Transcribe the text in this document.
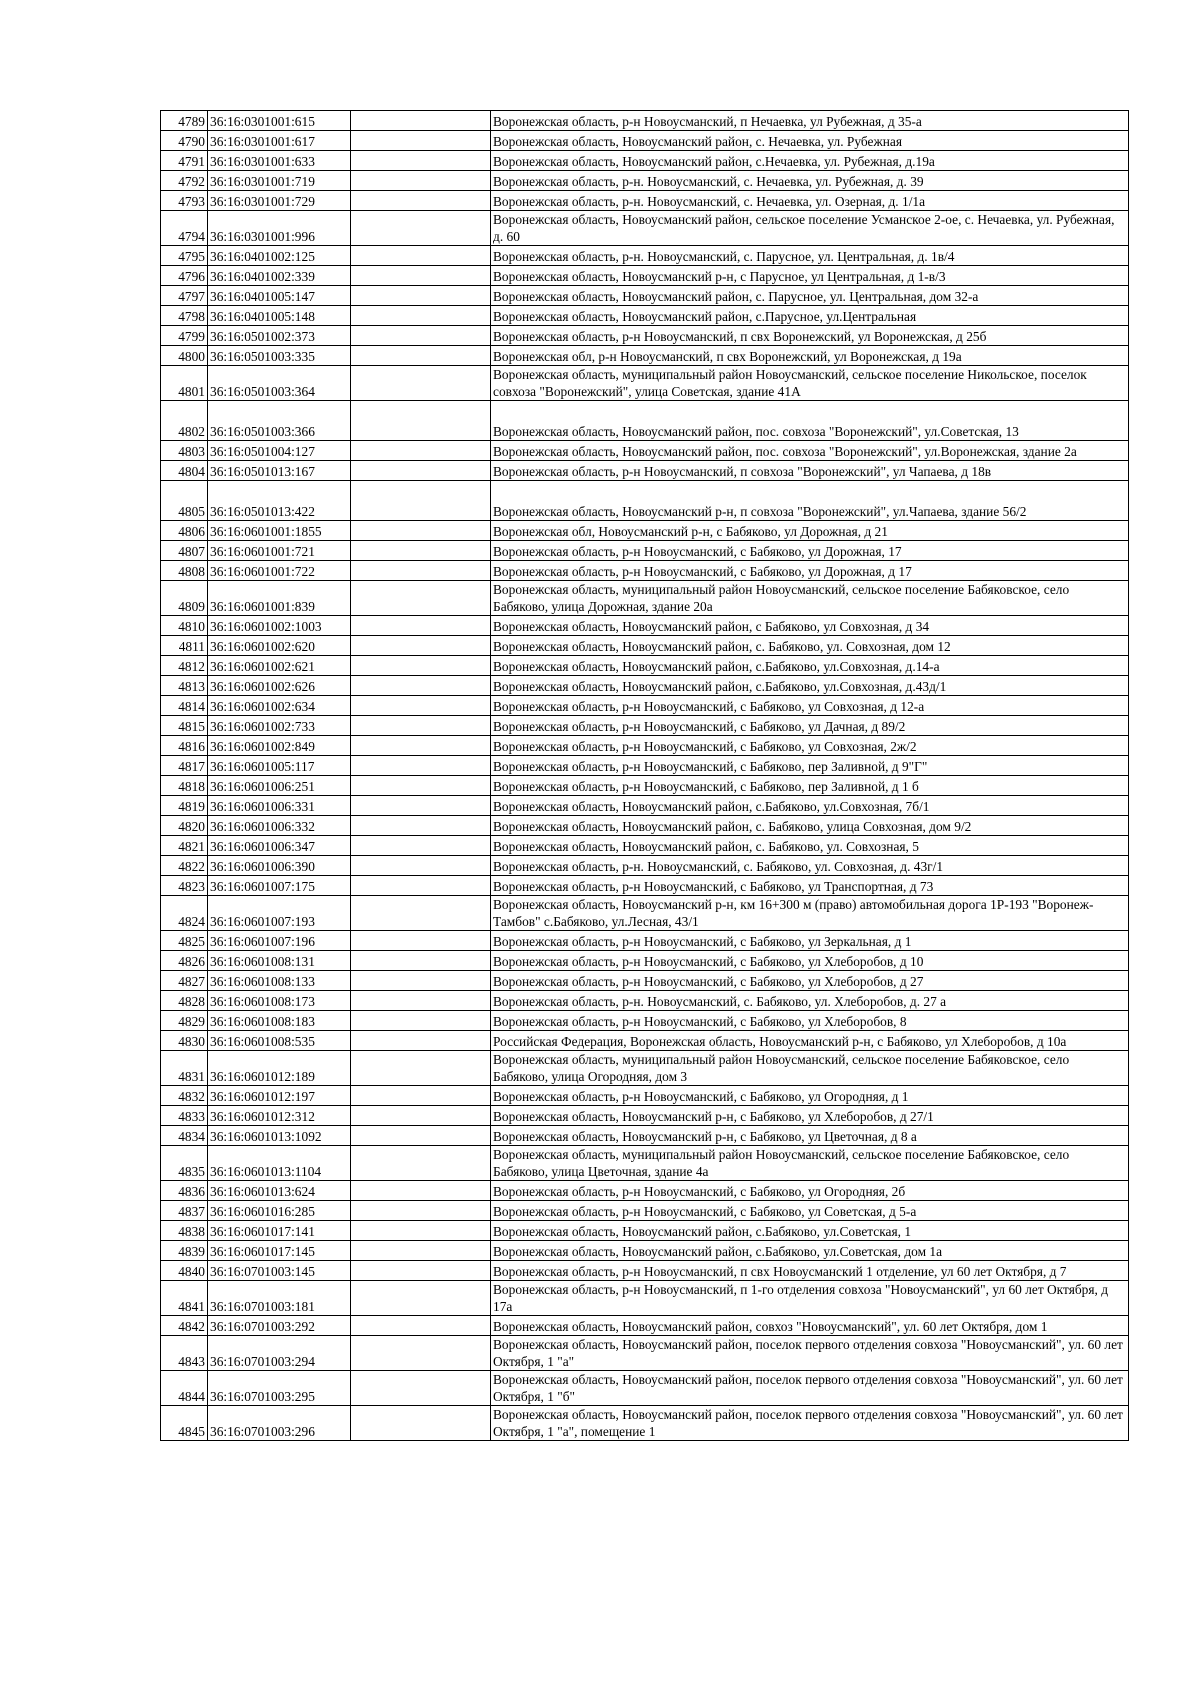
4789	36:16:0301001:615		Воронежская область, р-н Новоусманский, п Нечаевка, ул Рубежная, д 35-а
4790	36:16:0301001:617		Воронежская область, Новоусманский район, с. Нечаевка, ул. Рубежная
4791	36:16:0301001:633		Воронежская область, Новоусманский район, с.Нечаевка, ул. Рубежная, д.19а
4792	36:16:0301001:719		Воронежская область, р-н. Новоусманский, с. Нечаевка, ул. Рубежная, д. 39
4793	36:16:0301001:729		Воронежская область, р-н. Новоусманский, с. Нечаевка, ул. Озерная, д. 1/1а
4794	36:16:0301001:996		Воронежская область, Новоусманский район, сельское поселение Усманское 2-ое, с. Нечаевка, ул. Рубежная, д. 60
4795	36:16:0401002:125		Воронежская область, р-н. Новоусманский, с. Парусное, ул. Центральная, д. 1в/4
4796	36:16:0401002:339		Воронежская область, Новоусманский р-н, с Парусное, ул Центральная, д 1-в/3
4797	36:16:0401005:147		Воронежская область, Новоусманский район, с. Парусное, ул. Центральная, дом 32-а
4798	36:16:0401005:148		Воронежская область, Новоусманский район, с.Парусное, ул.Центральная
4799	36:16:0501002:373		Воронежская область, р-н Новоусманский, п свх Воронежский, ул Воронежская, д 25б
4800	36:16:0501003:335		Воронежская обл, р-н Новоусманский, п свх Воронежский, ул Воронежская, д 19а
4801	36:16:0501003:364		Воронежская область, муниципальный район Новоусманский, сельское поселение Никольское, поселок совхоза "Воронежский", улица Советская, здание 41А
4802	36:16:0501003:366		Воронежская область, Новоусманский район, пос. совхоза "Воронежский", ул.Советская, 13
4803	36:16:0501004:127		Воронежская область, Новоусманский район, пос. совхоза "Воронежский", ул.Воронежская, здание 2а
4804	36:16:0501013:167		Воронежская область, р-н Новоусманский, п совхоза "Воронежский", ул Чапаева, д 18в
4805	36:16:0501013:422		Воронежская область, Новоусманский р-н, п совхоза "Воронежский", ул.Чапаева, здание 56/2
4806	36:16:0601001:1855		Воронежская обл, Новоусманский р-н, с Бабяково, ул Дорожная, д 21
4807	36:16:0601001:721		Воронежская область, р-н Новоусманский, с Бабяково, ул Дорожная, 17
4808	36:16:0601001:722		Воронежская область, р-н Новоусманский, с Бабяково, ул Дорожная, д 17
4809	36:16:0601001:839		Воронежская область, муниципальный район Новоусманский, сельское поселение Бабяковское, село Бабяково, улица Дорожная, здание 20а
4810	36:16:0601002:1003		Воронежская область, Новоусманский район, с Бабяково, ул Совхозная, д 34
4811	36:16:0601002:620		Воронежская область, Новоусманский район, с. Бабяково, ул. Совхозная, дом 12
4812	36:16:0601002:621		Воронежская область, Новоусманский район, с.Бабяково, ул.Совхозная, д.14-а
4813	36:16:0601002:626		Воронежская область, Новоусманский район, с.Бабяково, ул.Совхозная, д.43д/1
4814	36:16:0601002:634		Воронежская область, р-н Новоусманский, с Бабяково, ул Совхозная, д 12-а
4815	36:16:0601002:733		Воронежская область, р-н Новоусманский, с Бабяково, ул Дачная, д 89/2
4816	36:16:0601002:849		Воронежская область, р-н Новоусманский, с Бабяково, ул Совхозная, 2ж/2
4817	36:16:0601005:117		Воронежская область, р-н Новоусманский, с Бабяково, пер Заливной, д 9"Г"
4818	36:16:0601006:251		Воронежская область, р-н Новоусманский, с Бабяково, пер Заливной, д 1 б
4819	36:16:0601006:331		Воронежская область, Новоусманский район, с.Бабяково, ул.Совхозная, 7б/1
4820	36:16:0601006:332		Воронежская область, Новоусманский район, с. Бабяково, улица Совхозная, дом 9/2
4821	36:16:0601006:347		Воронежская область, Новоусманский район, с. Бабяково, ул. Совхозная, 5
4822	36:16:0601006:390		Воронежская область, р-н. Новоусманский, с. Бабяково, ул. Совхозная, д. 43г/1
4823	36:16:0601007:175		Воронежская область, р-н Новоусманский, с Бабяково, ул Транспортная, д 73
4824	36:16:0601007:193		Воронежская область, Новоусманский р-н, км 16+300 м (право) автомобильная дорога 1Р-193 "Воронеж-Тамбов" с.Бабяково, ул.Лесная, 43/1
4825	36:16:0601007:196		Воронежская область, р-н Новоусманский, с Бабяково, ул Зеркальная, д 1
4826	36:16:0601008:131		Воронежская область, р-н Новоусманский, с Бабяково, ул Хлеборобов, д 10
4827	36:16:0601008:133		Воронежская область, р-н Новоусманский, с Бабяково, ул Хлеборобов, д 27
4828	36:16:0601008:173		Воронежская область, р-н. Новоусманский, с. Бабяково, ул. Хлеборобов, д. 27 а
4829	36:16:0601008:183		Воронежская область, р-н Новоусманский, с Бабяково, ул Хлеборобов, 8
4830	36:16:0601008:535		Российская Федерация, Воронежская область, Новоусманский р-н, с Бабяково, ул Хлеборобов, д 10а
4831	36:16:0601012:189		Воронежская область, муниципальный район Новоусманский, сельское поселение Бабяковское, село Бабяково, улица Огородняя, дом 3
4832	36:16:0601012:197		Воронежская область, р-н Новоусманский, с Бабяково, ул Огородняя, д 1
4833	36:16:0601012:312		Воронежская область, Новоусманский р-н, с Бабяково, ул Хлеборобов, д 27/1
4834	36:16:0601013:1092		Воронежская область, Новоусманский р-н, с Бабяково, ул Цветочная, д 8 а
4835	36:16:0601013:1104		Воронежская область, муниципальный район Новоусманский, сельское поселение Бабяковское, село Бабяково, улица Цветочная, здание 4а
4836	36:16:0601013:624		Воронежская область, р-н Новоусманский, с Бабяково, ул Огородняя, 2б
4837	36:16:0601016:285		Воронежская область, р-н Новоусманский, с Бабяково, ул Советская, д 5-а
4838	36:16:0601017:141		Воронежская область, Новоусманский район, с.Бабяково, ул.Советская, 1
4839	36:16:0601017:145		Воронежская область, Новоусманский район, с.Бабяково, ул.Советская, дом 1а
4840	36:16:0701003:145		Воронежская область, р-н Новоусманский, п свх Новоусманский 1 отделение, ул 60 лет Октября, д 7
4841	36:16:0701003:181		Воронежская область, р-н Новоусманский, п 1-го отделения совхоза "Новоусманский", ул 60 лет Октября, д 17а
4842	36:16:0701003:292		Воронежская область, Новоусманский район, совхоз "Новоусманский", ул. 60 лет Октября, дом 1
4843	36:16:0701003:294		Воронежская область, Новоусманский район, поселок первого отделения совхоза "Новоусманский", ул. 60 лет Октября, 1 "а"
4844	36:16:0701003:295		Воронежская область, Новоусманский район, поселок первого отделения совхоза "Новоусманский", ул. 60 лет Октября, 1 "б"
4845	36:16:0701003:296		Воронежская область, Новоусманский район, поселок первого отделения совхоза "Новоусманский", ул. 60 лет Октября, 1 "а", помещение 1
